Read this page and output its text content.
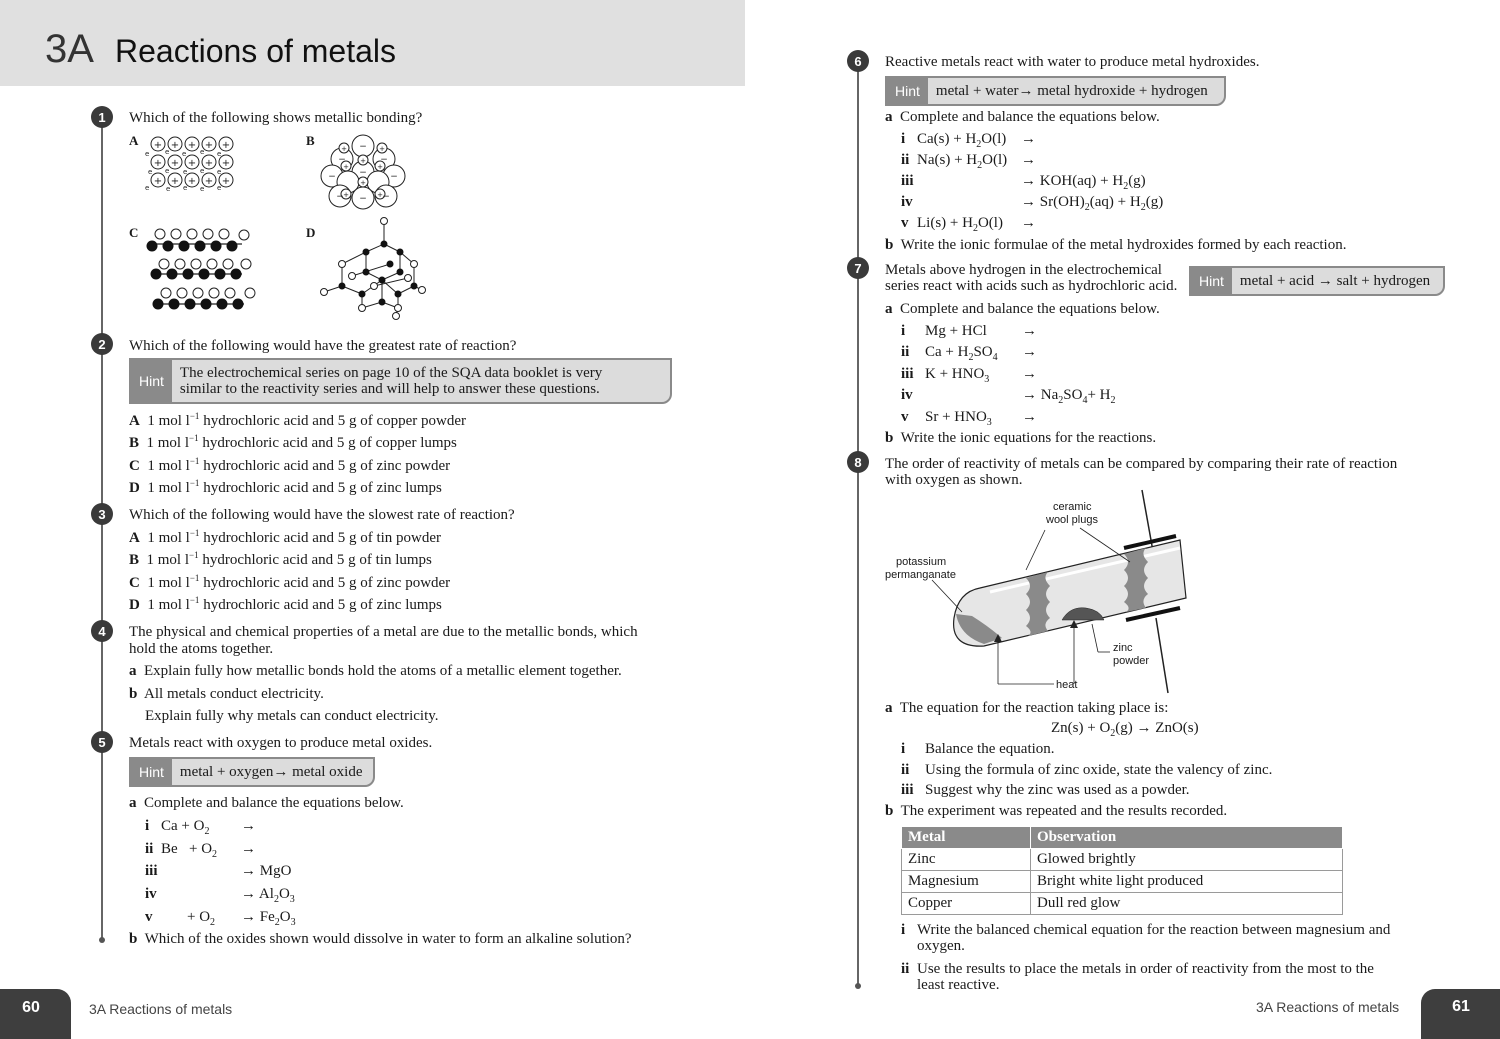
3A Reactions of metals
1	Which of the following shows metallic bonding?
A	B
C	D
+ + + + +
+ + + + +
+ + + + +
e e e e e
e e e e e
e e e e e
−
−	−
−
−	−
−	−
−
+
+
+
+	+
+
+	+
2	Which of the following would have the greatest rate of reaction?
Hint	The electrochemical series on page 10 of the SQA data booklet is very
similar to the reactivity series and will help to answer these questions.
A 1 mol $l^{-1}$ hydrochloric acid and 5 g of copper powder
B 1 mol $l^{-1}$ hydrochloric acid and 5 g of copper lumps
C 1 mol $l^{-1}$ hydrochloric acid and 5 g of zinc powder
D 1 mol $l^{-1}$ hydrochloric acid and 5 g of zinc lumps
3	Which of the following would have the slowest rate of reaction?
A 1 mol $l^{-1}$ hydrochloric acid and 5 g of tin powder
B 1 mol $l^{-1}$ hydrochloric acid and 5 g of tin lumps
C 1 mol $l^{-1}$ hydrochloric acid and 5 g of zinc powder
D 1 mol $l^{-1}$ hydrochloric acid and 5 g of zinc lumps
4	The physical and chemical properties of a metal are due to the metallic bonds, which
hold the atoms together.
a Explain fully how metallic bonds hold the atoms of a metallic element together.
b All metals conduct electricity.
Explain fully why metals can conduct electricity.
5	Metals react with oxygen to produce metal oxides.
Hint	metal + oxygen→ metal oxide
a Complete and balance the equations below.
i $Ca + O_2$ →
ii $Be + O_2$ →
iii	→ MgO
iv	→ $Al_2O_3$
$v + O_2 \to Fe_2O_3$
b Which of the oxides shown would dissolve in water to form an alkaline solution?
60	3A Reactions of metals
6	Reactive metals react with water to produce metal hydroxides.
Hint	metal + water→ metal hydroxide + hydrogen
a Complete and balance the equations below.
i $Ca(s) + H_2O(l)$ →
ii $Na(s) + H_2O(l)$ →
iii	→ $KOH(aq) + H_2(g)$
iv	→ $Sr(OH)_2(aq) + H_2(g)$
v $Li(s) + H_2O(l)$ →
b Write the ionic formulae of the metal hydroxides formed by each reaction.
7	Metals above hydrogen in the electrochemical
series react with acids such as hydrochloric acid.	Hint	metal + acid → salt + hydrogen
a Complete and balance the equations below.
i Mg + HCl →
ii $Ca + H_2SO_4$ →
iii $K + HNO_3$ →
iv	→ $Na_2SO_4+ H_2$
v $Sr + HNO_3$ →
b Write the ionic equations for the reactions.
8	The order of reactivity of metals can be compared by comparing their rate of reaction
with oxygen as shown.
ceramic
wool plugs
potassium
permanganate
zinc
powder
heat
a The equation for the reaction taking place is:
$Zn(s) + O_2(g) \to ZnO(s)$
i Balance the equation.
ii Using the formula of zinc oxide, state the valency of zinc.
iii Suggest why the zinc was used as a powder.
b The experiment was repeated and the results recorded.
Metal	Observation
Zinc	Glowed brightly
Magnesium	Bright white light produced
Copper	Dull red glow
i Write the balanced chemical equation for the reaction between magnesium and
oxygen.
ii Use the results to place the metals in order of reactivity from the most to the
least reactive.
3A Reactions of metals	61
